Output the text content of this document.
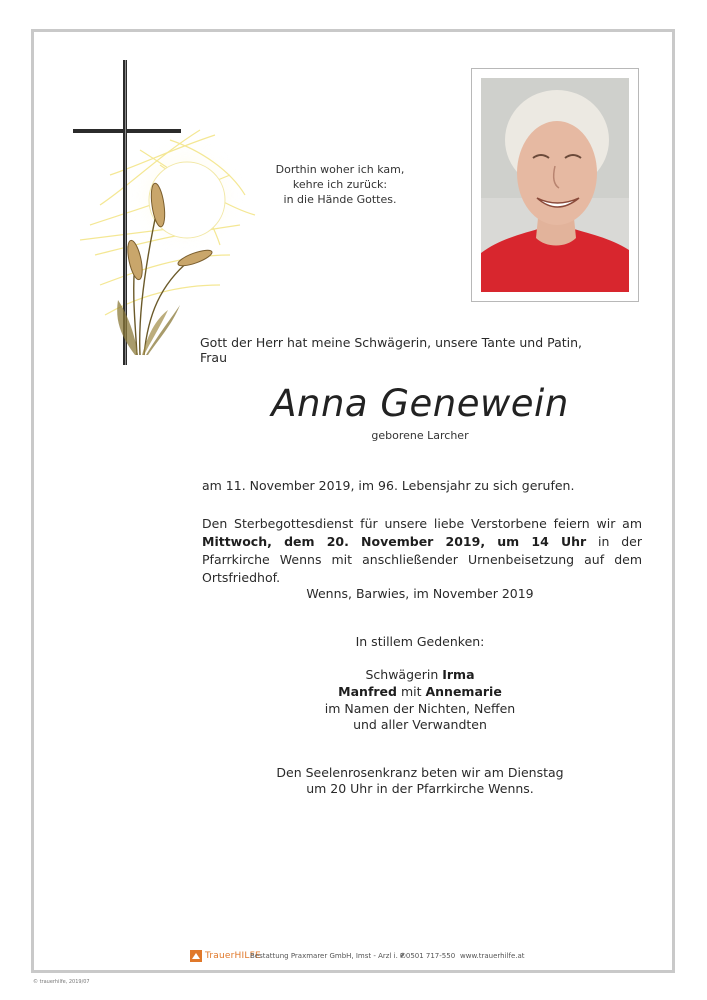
Dorthin woher ich kam,
kehre ich zurück:
in die Hände Gottes.
Gott der Herr hat meine Schwägerin, unsere Tante und Patin, Frau
Anna Genewein
geborene Larcher
am 11. November 2019, im 96. Lebensjahr zu sich gerufen.
Den Sterbegottesdienst für unsere liebe Verstorbene feiern wir am Mittwoch, dem 20. November 2019, um 14 Uhr in der Pfarrkirche Wenns mit anschließender Urnenbeisetzung auf dem Ortsfriedhof.
Wenns, Barwies, im November 2019
In stillem Gedenken:
Schwägerin Irma
Manfred mit Annemarie
im Namen der Nichten, Neffen
und aller Verwandten
Den Seelenrosenkranz beten wir am Dienstag
um 20 Uhr in der Pfarrkirche Wenns.
TrauerHILFE
Bestattung Praxmarer GmbH, Imst - Arzl i. P.
✆0501 717-550 www.trauerhilfe.at
© trauerhilfe, 2019/07
